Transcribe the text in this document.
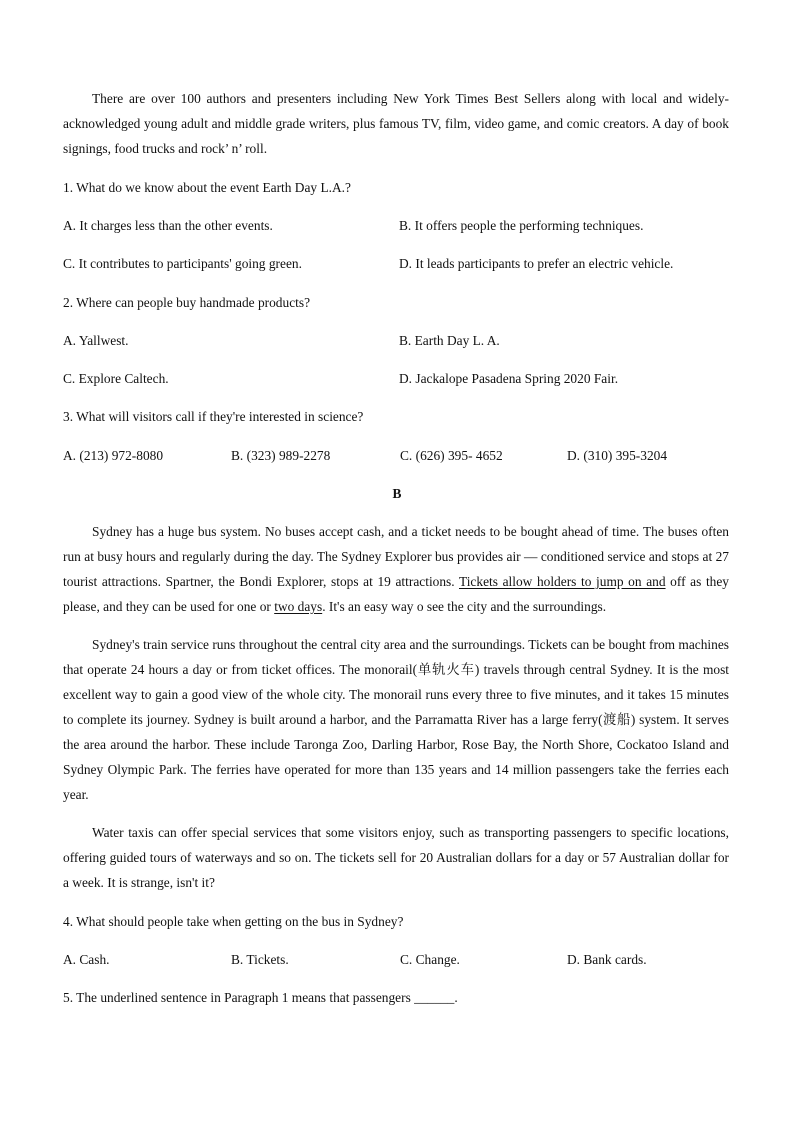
There are over 100 authors and presenters including New York Times Best Sellers along with local and widely-acknowledged young adult and middle grade writers, plus famous TV, film, video game, and comic creators. A day of book signings, food trucks and rock’ n’ roll.

1. What do we know about the event Earth Day L.A.?
A. It charges less than the other events.	B. It offers people the performing techniques.
C. It contributes to participants' going green.	D. It leads participants to prefer an electric vehicle.
2. Where can people buy handmade products?
A. Yallwest.	B. Earth Day L. A.
C. Explore Caltech.	D. Jackalope Pasadena Spring 2020 Fair.
3. What will visitors call if they're interested in science?
A. (213) 972-8080	B. (323) 989-2278	C. (626) 395- 4652	D. (310) 395-3204
B

Sydney has a huge bus system. No buses accept cash, and a ticket needs to be bought ahead of time. The buses often run at busy hours and regularly during the day. The Sydney Explorer bus provides air — conditioned service and stops at 27 tourist attractions. Spartner, the Bondi Explorer, stops at 19 attractions. Tickets allow holders to jump on and off as they please, and they can be used for one or two days. It's an easy way o see the city and the surroundings.

Sydney's train service runs throughout the central city area and the surroundings. Tickets can be bought from machines that operate 24 hours a day or from ticket offices. The monorail(单轨火车) travels through central Sydney. It is the most excellent way to gain a good view of the whole city. The monorail runs every three to five minutes, and it takes 15 minutes to complete its journey. Sydney is built around a harbor, and the Parramatta River has a large ferry(渡船) system. It serves the area around the harbor. These include Taronga Zoo, Darling Harbor, Rose Bay, the North Shore, Cockatoo Island and Sydney Olympic Park. The ferries have operated for more than 135 years and 14 million passengers take the ferries each year.

Water taxis can offer special services that some visitors enjoy, such as transporting passengers to specific locations, offering guided tours of waterways and so on. The tickets sell for 20 Australian dollars for a day or 57 Australian dollar for a week. It is strange, isn't it?

4. What should people take when getting on the bus in Sydney?
A. Cash.	B. Tickets.	C. Change.	D. Bank cards.
5. The underlined sentence in Paragraph 1 means that passengers ______.
